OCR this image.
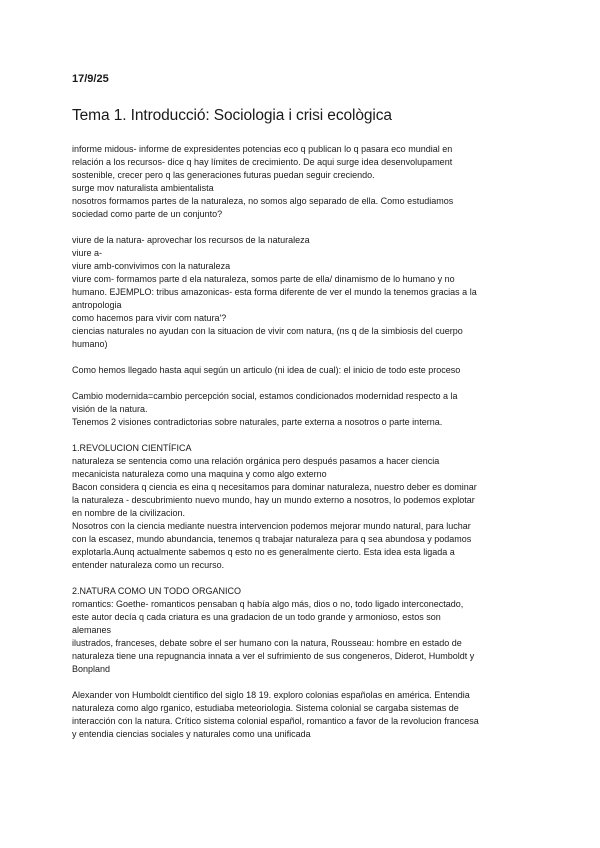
17/9/25
Tema 1. Introducció: Sociologia i crisi ecològica
informe midous- informe de expresidentes potencias eco q publican lo q pasara eco mundial en
relación a los recursos- dice q hay límites de crecimiento. De aqui surge idea desenvolupament
sostenible, crecer pero q las generaciones futuras puedan seguir creciendo.
surge mov naturalista ambientalista
nosotros formamos partes de la naturaleza, no somos algo separado de ella. Como estudiamos
sociedad como parte de un conjunto?
viure de la natura- aprovechar los recursos de la naturaleza
viure a-
viure amb-convivimos con la naturaleza
viure com- formamos parte d ela naturaleza, somos parte de ella/ dinamismo de lo humano y no
humano. EJEMPLO: tribus amazonicas- esta forma diferente de ver el mundo la tenemos gracias a la
antropologia
como hacemos para vivir com natura'?
ciencias naturales no ayudan con la situacion de vivir com natura, (ns q de la simbiosis del cuerpo
humano)
Como hemos llegado hasta aqui según un articulo (ni idea de cual): el inicio de todo este proceso
Cambio modernida=cambio percepción social, estamos condicionados modernidad respecto a la
visión de la natura.
Tenemos 2 visiones contradictorias sobre naturales, parte externa a nosotros o parte interna.
1.REVOLUCION CIENTÍFICA
naturaleza se sentencia como una relación orgánica pero después pasamos a hacer ciencia
mecanicista naturaleza como una maquina y como algo externo
Bacon considera q ciencia es eina q necesitamos para dominar naturaleza, nuestro deber es dominar
la naturaleza - descubrimiento nuevo mundo, hay un mundo externo a nosotros, lo podemos explotar
en nombre de la civilizacion.
Nosotros con la ciencia mediante nuestra intervencion podemos mejorar mundo natural, para luchar
con la escasez, mundo abundancia, tenemos q trabajar naturaleza para q sea abundosa y podamos
explotarla.Aunq actualmente sabemos q esto no es generalmente cierto. Esta idea esta ligada a
entender naturaleza como un recurso.
2.NATURA COMO UN TODO ORGANICO
romantics: Goethe- romanticos pensaban q había algo más, dios o no, todo ligado interconectado,
este autor decía q cada criatura es una gradacion de un todo grande y armonioso, estos son
alemanes
ilustrados, franceses, debate sobre el ser humano con la natura, Rousseau: hombre en estado de
naturaleza tiene una repugnancia innata a ver el sufrimiento de sus congeneros, Diderot, Humboldt y
Bonpland
Alexander von Humboldt cientifico del siglo 18 19. exploro colonias españolas en américa. Entendia
naturaleza como algo rganico, estudiaba meteoriologia. Sistema colonial se cargaba sistemas de
interacción con la natura. Crítico sistema colonial español, romantico a favor de la revolucion francesa
y entendia ciencias sociales y naturales como una unificada
